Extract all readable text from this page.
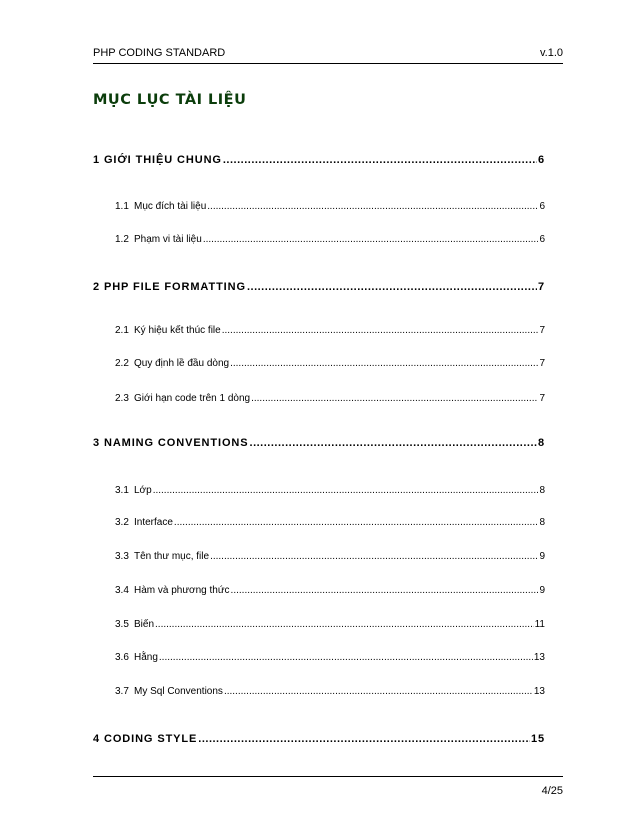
PHP CODING STANDARD	v.1.0
MỤC LỤC TÀI LIỆU
1 GIỚI THIỆU CHUNG .....	6
1.1 Mục đích tài liệu .....	6
1.2 Phạm vi tài liệu .....	6
2 PHP FILE FORMATTING .....	7
2.1 Ký hiệu kết thúc file .....	7
2.2 Quy định lề đầu dòng .....	7
2.3 Giới hạn code trên 1 dòng .....	7
3 NAMING CONVENTIONS .....	8
3.1 Lớp .....	8
3.2 Interface .....	8
3.3 Tên thư mục, file .....	9
3.4 Hàm và phương thức .....	9
3.5 Biến .....	11
3.6 Hằng .....	13
3.7 My Sql Conventions .....	13
4 CODING STYLE .....	15
4/25
